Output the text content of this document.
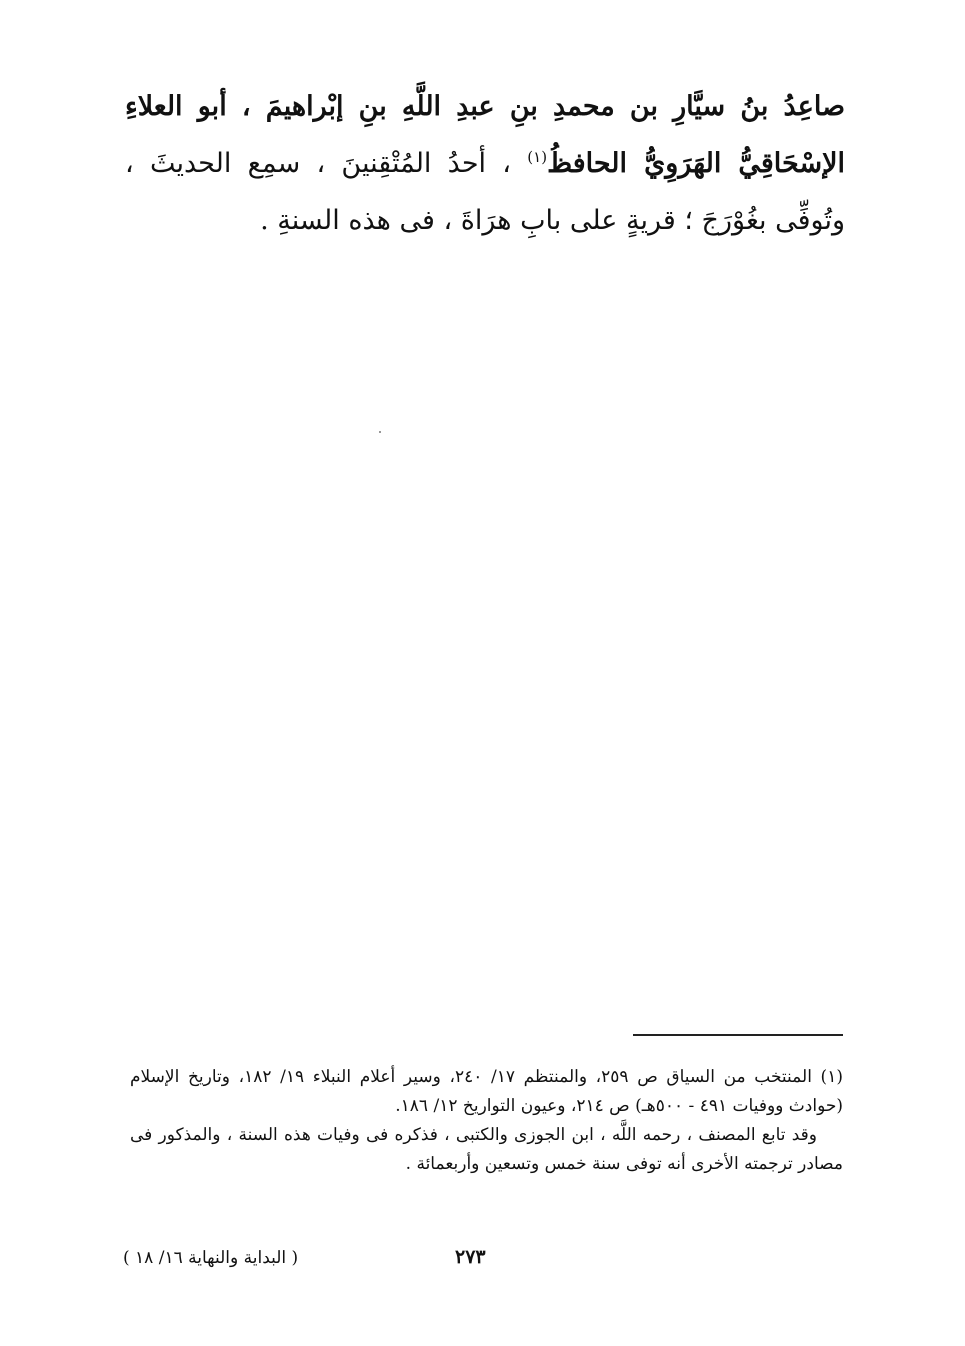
صاعِدُ بنُ سيَّارِ بن محمدِ بنِ عبدِ اللَّهِ بنِ إبْراهيمَ ، أبو العلاءِ الإسْحَاقِيُّ الهَرَوِيُّ الحافظُ$^{(١)}$ ، أحدُ المُتْقِنينَ ، سمِع الحديثَ ، وتُوفِّى بغُوْرَجَ ؛ قريةٍ على بابِ هرَاةَ ، فى هذه السنةِ .

(١) المنتخب من السياق ص ٢٥٩، والمنتظم ١٧/ ٢٤٠، وسير أعلام النبلاء ١٩/ ١٨٢، وتاريخ الإسلام (حوادث ووفيات ٤٩١ - ٥٠٠هـ) ص ٢١٤، وعيون التواريخ ١٢/ ١٨٦.

وقد تابع المصنف ، رحمه اللَّه ، ابن الجوزى والكتبى ، فذكره فى وفيات هذه السنة ، والمذكور فى مصادر ترجمته الأخرى أنه توفى سنة خمس وتسعين وأربعمائة .

٢٧٣
( البداية والنهاية ١٦/ ١٨ )
